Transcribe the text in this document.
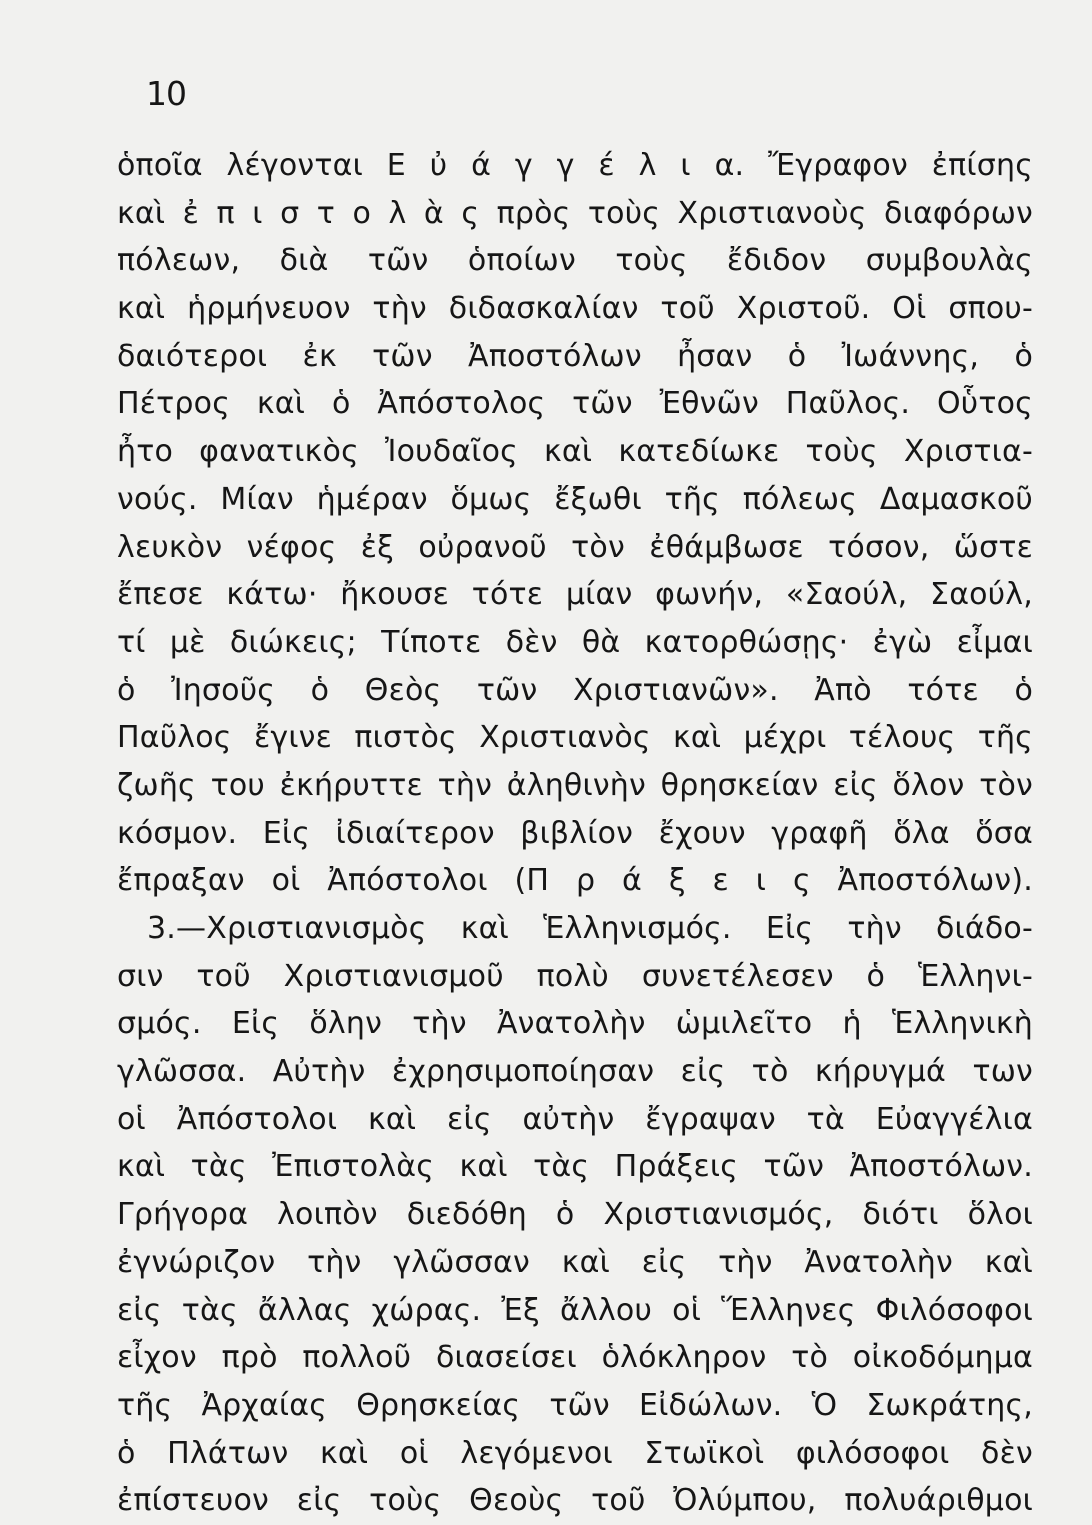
10
ὁποῖα λέγονται Ε ὐ ά γ γ έ λ ι α. Ἔγραφον ἐπίσης
καὶ ἐ π ι σ τ ο λ ὰ ς πρὸς τοὺς Χριστιανοὺς διαφόρων
πόλεων, διὰ τῶν ὁποίων τοὺς ἔδιδον συμβουλὰς
καὶ ἡρμήνευον τὴν διδασκαλίαν τοῦ Χριστοῦ. Οἱ σπου-
δαιότεροι ἐκ τῶν Ἀποστόλων ἦσαν ὁ Ἰωάννης, ὁ
Πέτρος καὶ ὁ Ἀπόστολος τῶν Ἐθνῶν Παῦλος. Οὗτος
ἦτο φανατικὸς Ἰουδαῖος καὶ κατεδίωκε τοὺς Χριστια-
νούς. Μίαν ἡμέραν ὅμως ἔξωθι τῆς πόλεως Δαμασκοῦ
λευκὸν νέφος ἐξ οὐρανοῦ τὸν ἐθάμβωσε τόσον, ὥστε
ἔπεσε κάτω· ἤκουσε τότε μίαν φωνήν, «Σαούλ, Σαούλ,
τί μὲ διώκεις; Τίποτε δὲν θὰ κατορθώσῃς· ἐγὼ εἶμαι
ὁ Ἰησοῦς ὁ Θεὸς τῶν Χριστιανῶν». Ἀπὸ τότε ὁ
Παῦλος ἔγινε πιστὸς Χριστιανὸς καὶ μέχρι τέλους τῆς
ζωῆς του ἐκήρυττε τὴν ἀληθινὴν θρησκείαν εἰς ὅλον τὸν
κόσμον. Εἰς ἰδιαίτερον βιβλίον ἔχουν γραφῆ ὅλα ὅσα
ἔπραξαν οἱ Ἀπόστολοι (Π ρ ά ξ ε ι ς Ἀποστόλων).
3.—Χριστιανισμὸς καὶ Ἑλληνισμός. Εἰς τὴν διάδο-
σιν τοῦ Χριστιανισμοῦ πολὺ συνετέλεσεν ὁ Ἑλληνι-
σμός. Εἰς ὅλην τὴν Ἀνατολὴν ὡμιλεῖτο ἡ Ἑλληνικὴ
γλῶσσα. Αὐτὴν ἐχρησιμοποίησαν εἰς τὸ κήρυγμά των
οἱ Ἀπόστολοι καὶ εἰς αὐτὴν ἔγραψαν τὰ Εὐαγγέλια
καὶ τὰς Ἐπιστολὰς καὶ τὰς Πράξεις τῶν Ἀποστόλων.
Γρήγορα λοιπὸν διεδόθη ὁ Χριστιανισμός, διότι ὅλοι
ἐγνώριζον τὴν γλῶσσαν καὶ εἰς τὴν Ἀνατολὴν καὶ
εἰς τὰς ἄλλας χώρας. Ἐξ ἄλλου οἱ Ἕλληνες Φιλόσοφοι
εἶχον πρὸ πολλοῦ διασείσει ὁλόκληρον τὸ οἰκοδόμημα
τῆς Ἀρχαίας Θρησκείας τῶν Εἰδώλων. Ὁ Σωκράτης,
ὁ Πλάτων καὶ οἱ λεγόμενοι Στωϊκοὶ φιλόσοφοι δὲν
ἐπίστευον εἰς τοὺς Θεοὺς τοῦ Ὀλύμπου, πολυάριθμοι
